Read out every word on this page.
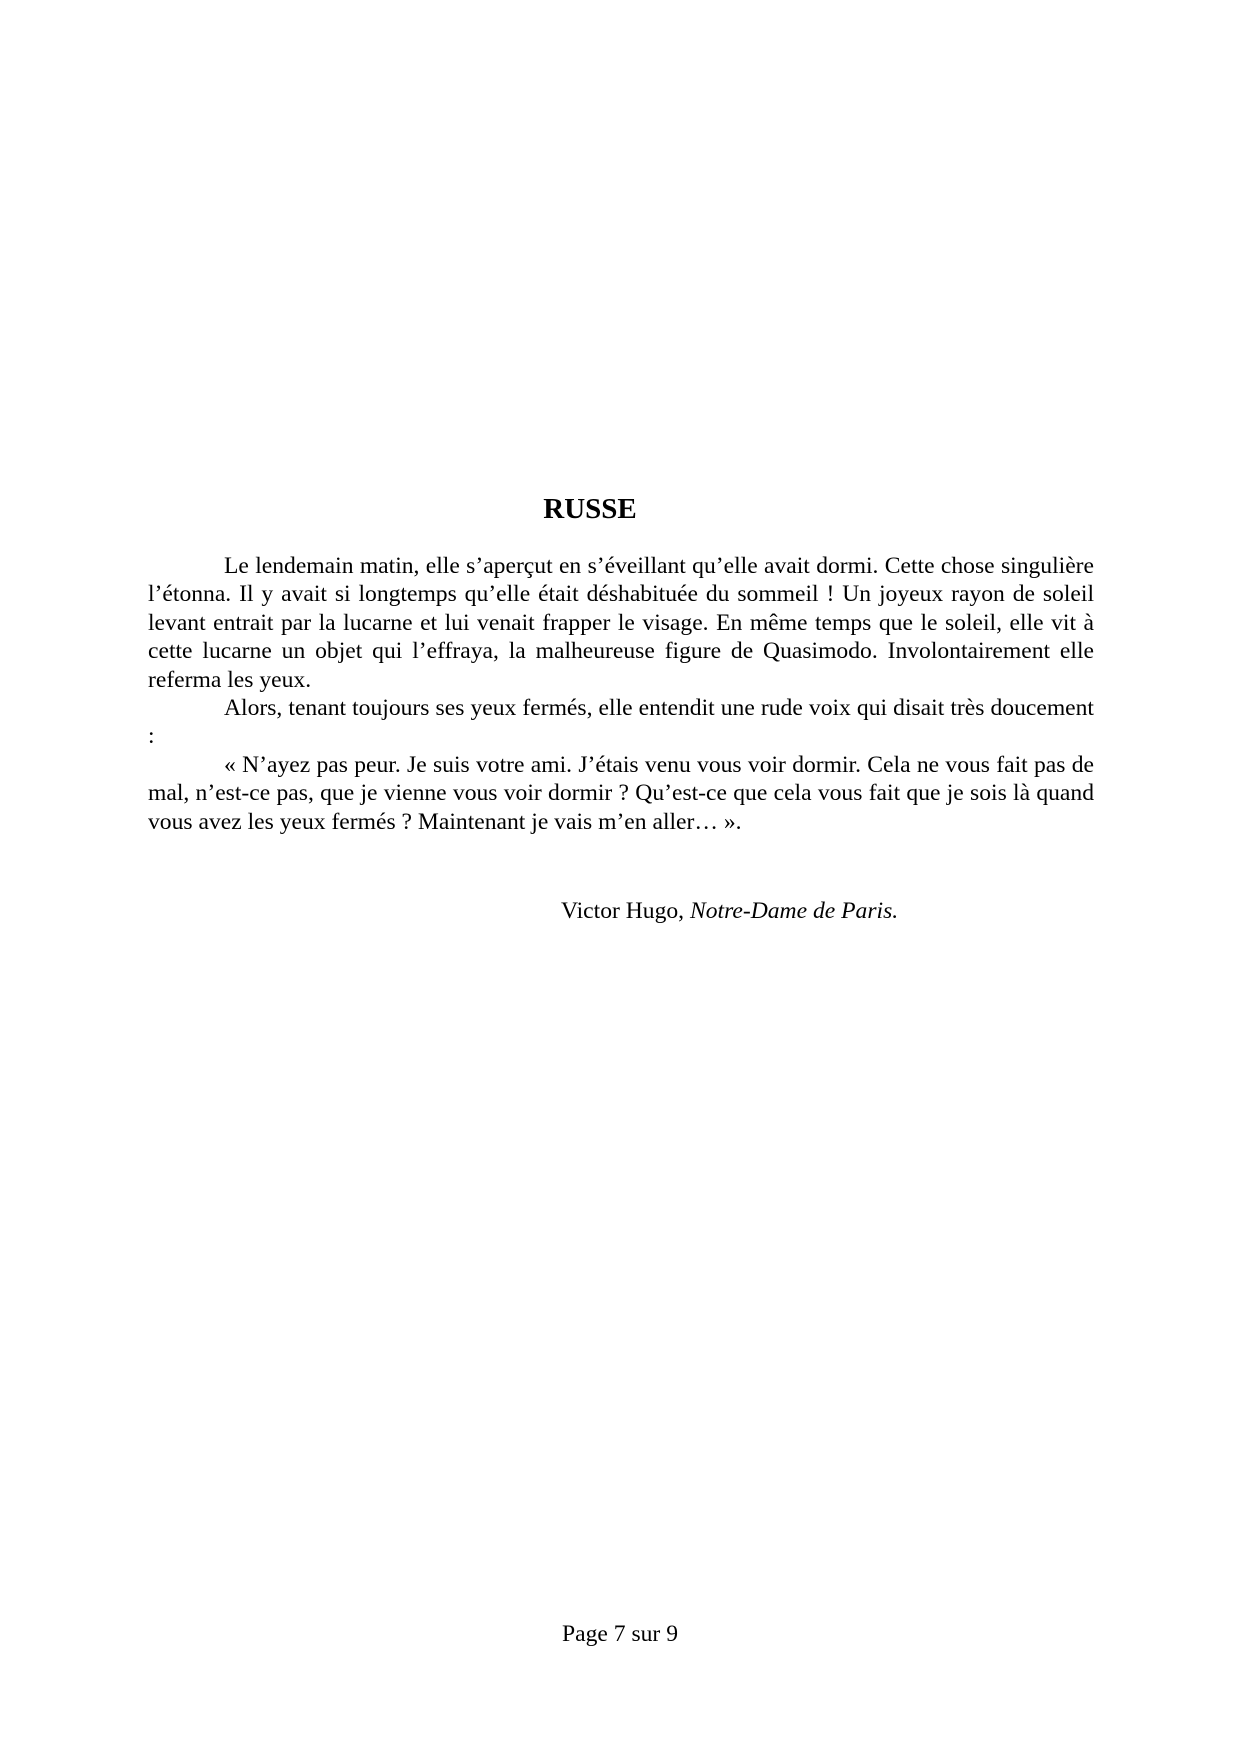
RUSSE

Le lendemain matin, elle s’aperçut en s’éveillant qu’elle avait dormi. Cette chose singulière l’étonna. Il y avait si longtemps qu’elle était déshabituée du sommeil ! Un joyeux rayon de soleil levant entrait par la lucarne et lui venait frapper le visage. En même temps que le soleil, elle vit à cette lucarne un objet qui l’effraya, la malheureuse figure de Quasimodo. Involontairement elle referma les yeux.

Alors, tenant toujours ses yeux fermés, elle entendit une rude voix qui disait très doucement :

« N’ayez pas peur. Je suis votre ami. J’étais venu vous voir dormir. Cela ne vous fait pas de mal, n’est-ce pas, que je vienne vous voir dormir ? Qu’est-ce que cela vous fait que je sois là quand vous avez les yeux fermés ? Maintenant je vais m’en aller… ».

Victor Hugo, Notre-Dame de Paris.
Page 7 sur 9
